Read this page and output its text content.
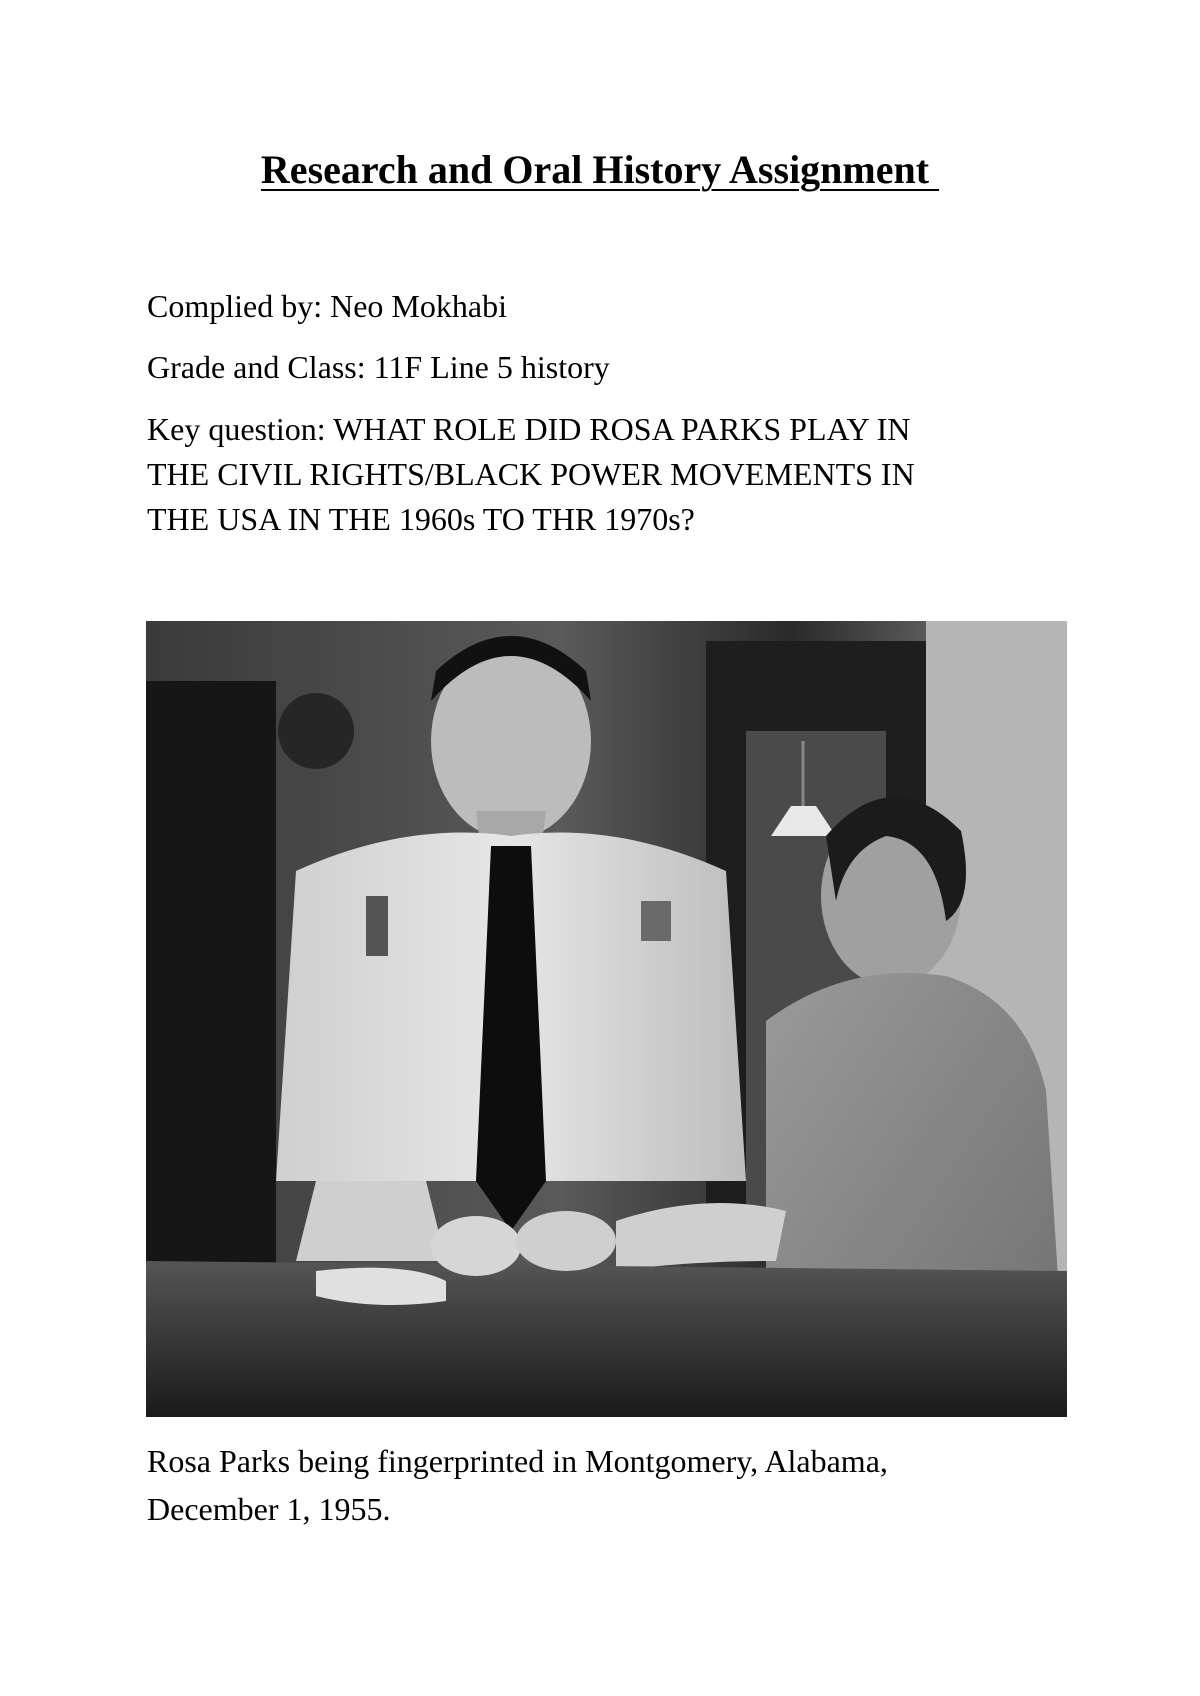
Research and Oral History Assignment
Complied by: Neo Mokhabi
Grade and Class: 11F Line 5 history
Key question: WHAT ROLE DID ROSA PARKS PLAY IN
THE CIVIL RIGHTS/BLACK POWER MOVEMENTS IN
THE USA IN THE 1960s TO THR 1970s?
Rosa Parks being fingerprinted in Montgomery, Alabama,
December 1, 1955.
